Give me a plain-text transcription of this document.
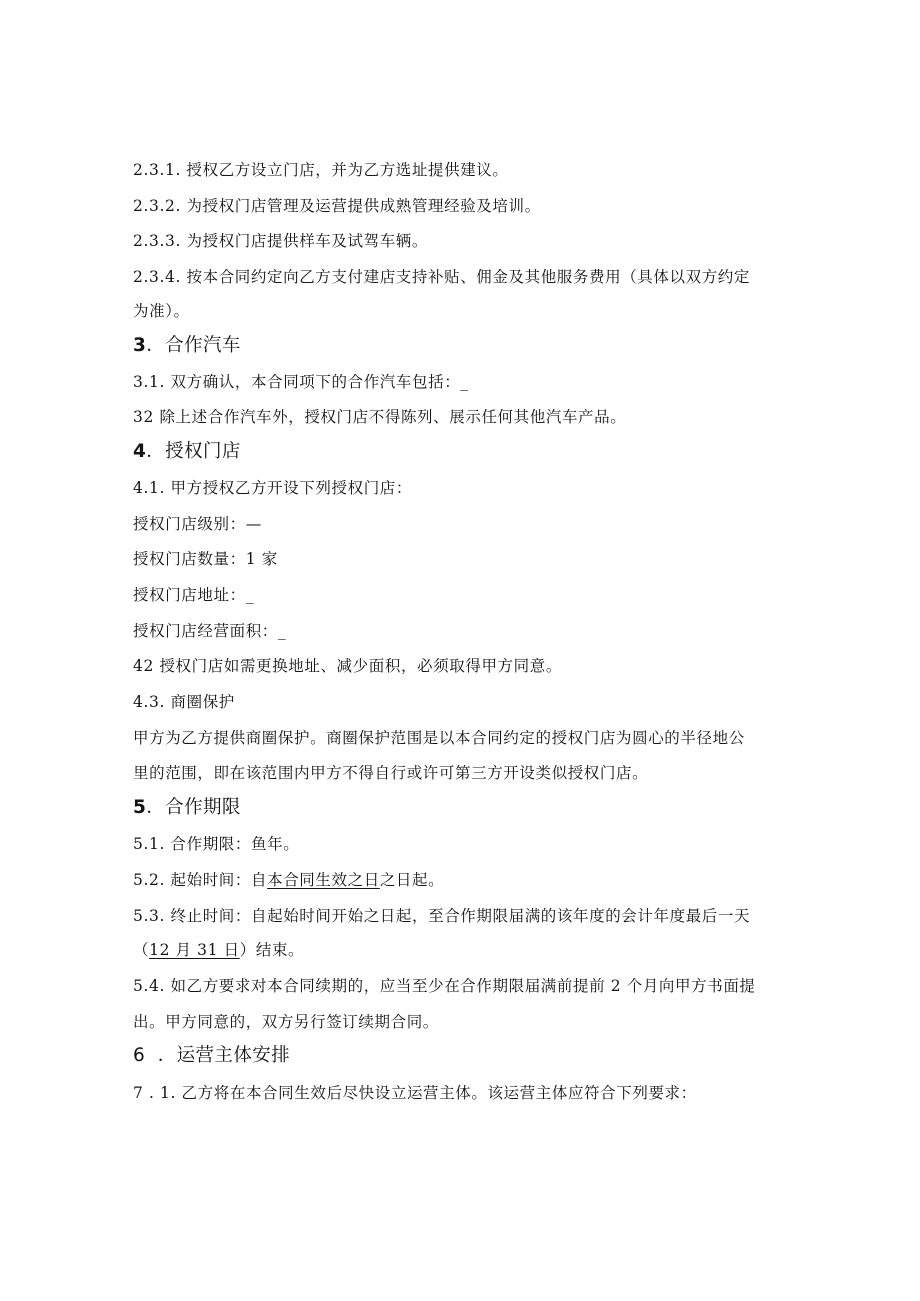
2.3.1. 授权乙方设立门店，并为乙方选址提供建议。
2.3.2. 为授权门店管理及运营提供成熟管理经验及培训。
2.3.3. 为授权门店提供样车及试驾车辆。
2.3.4. 按本合同约定向乙方支付建店支持补贴、佣金及其他服务费用（具体以双方约定
为准）。
3．合作汽车
3.1. 双方确认，本合同项下的合作汽车包括：_
32 除上述合作汽车外，授权门店不得陈列、展示任何其他汽车产品。
4．授权门店
4.1. 甲方授权乙方开设下列授权门店：
授权门店级别：—
授权门店数量：1 家
授权门店地址：_
授权门店经营面积：_
42 授权门店如需更换地址、减少面积，必须取得甲方同意。
4.3. 商圈保护
甲方为乙方提供商圈保护。商圈保护范围是以本合同约定的授权门店为圆心的半径地公
里的范围，即在该范围内甲方不得自行或许可第三方开设类似授权门店。
5．合作期限
5.1. 合作期限：鱼年。
5.2. 起始时间：自本合同生效之日之日起。
5.3. 终止时间：自起始时间开始之日起，至合作期限届满的该年度的会计年度最后一天
（12 月 31 日）结束。
5.4. 如乙方要求对本合同续期的，应当至少在合作期限届满前提前 2 个月向甲方书面提
出。甲方同意的，双方另行签订续期合同。
6 ．运营主体安排
7 . 1. 乙方将在本合同生效后尽快设立运营主体。该运营主体应符合下列要求：
